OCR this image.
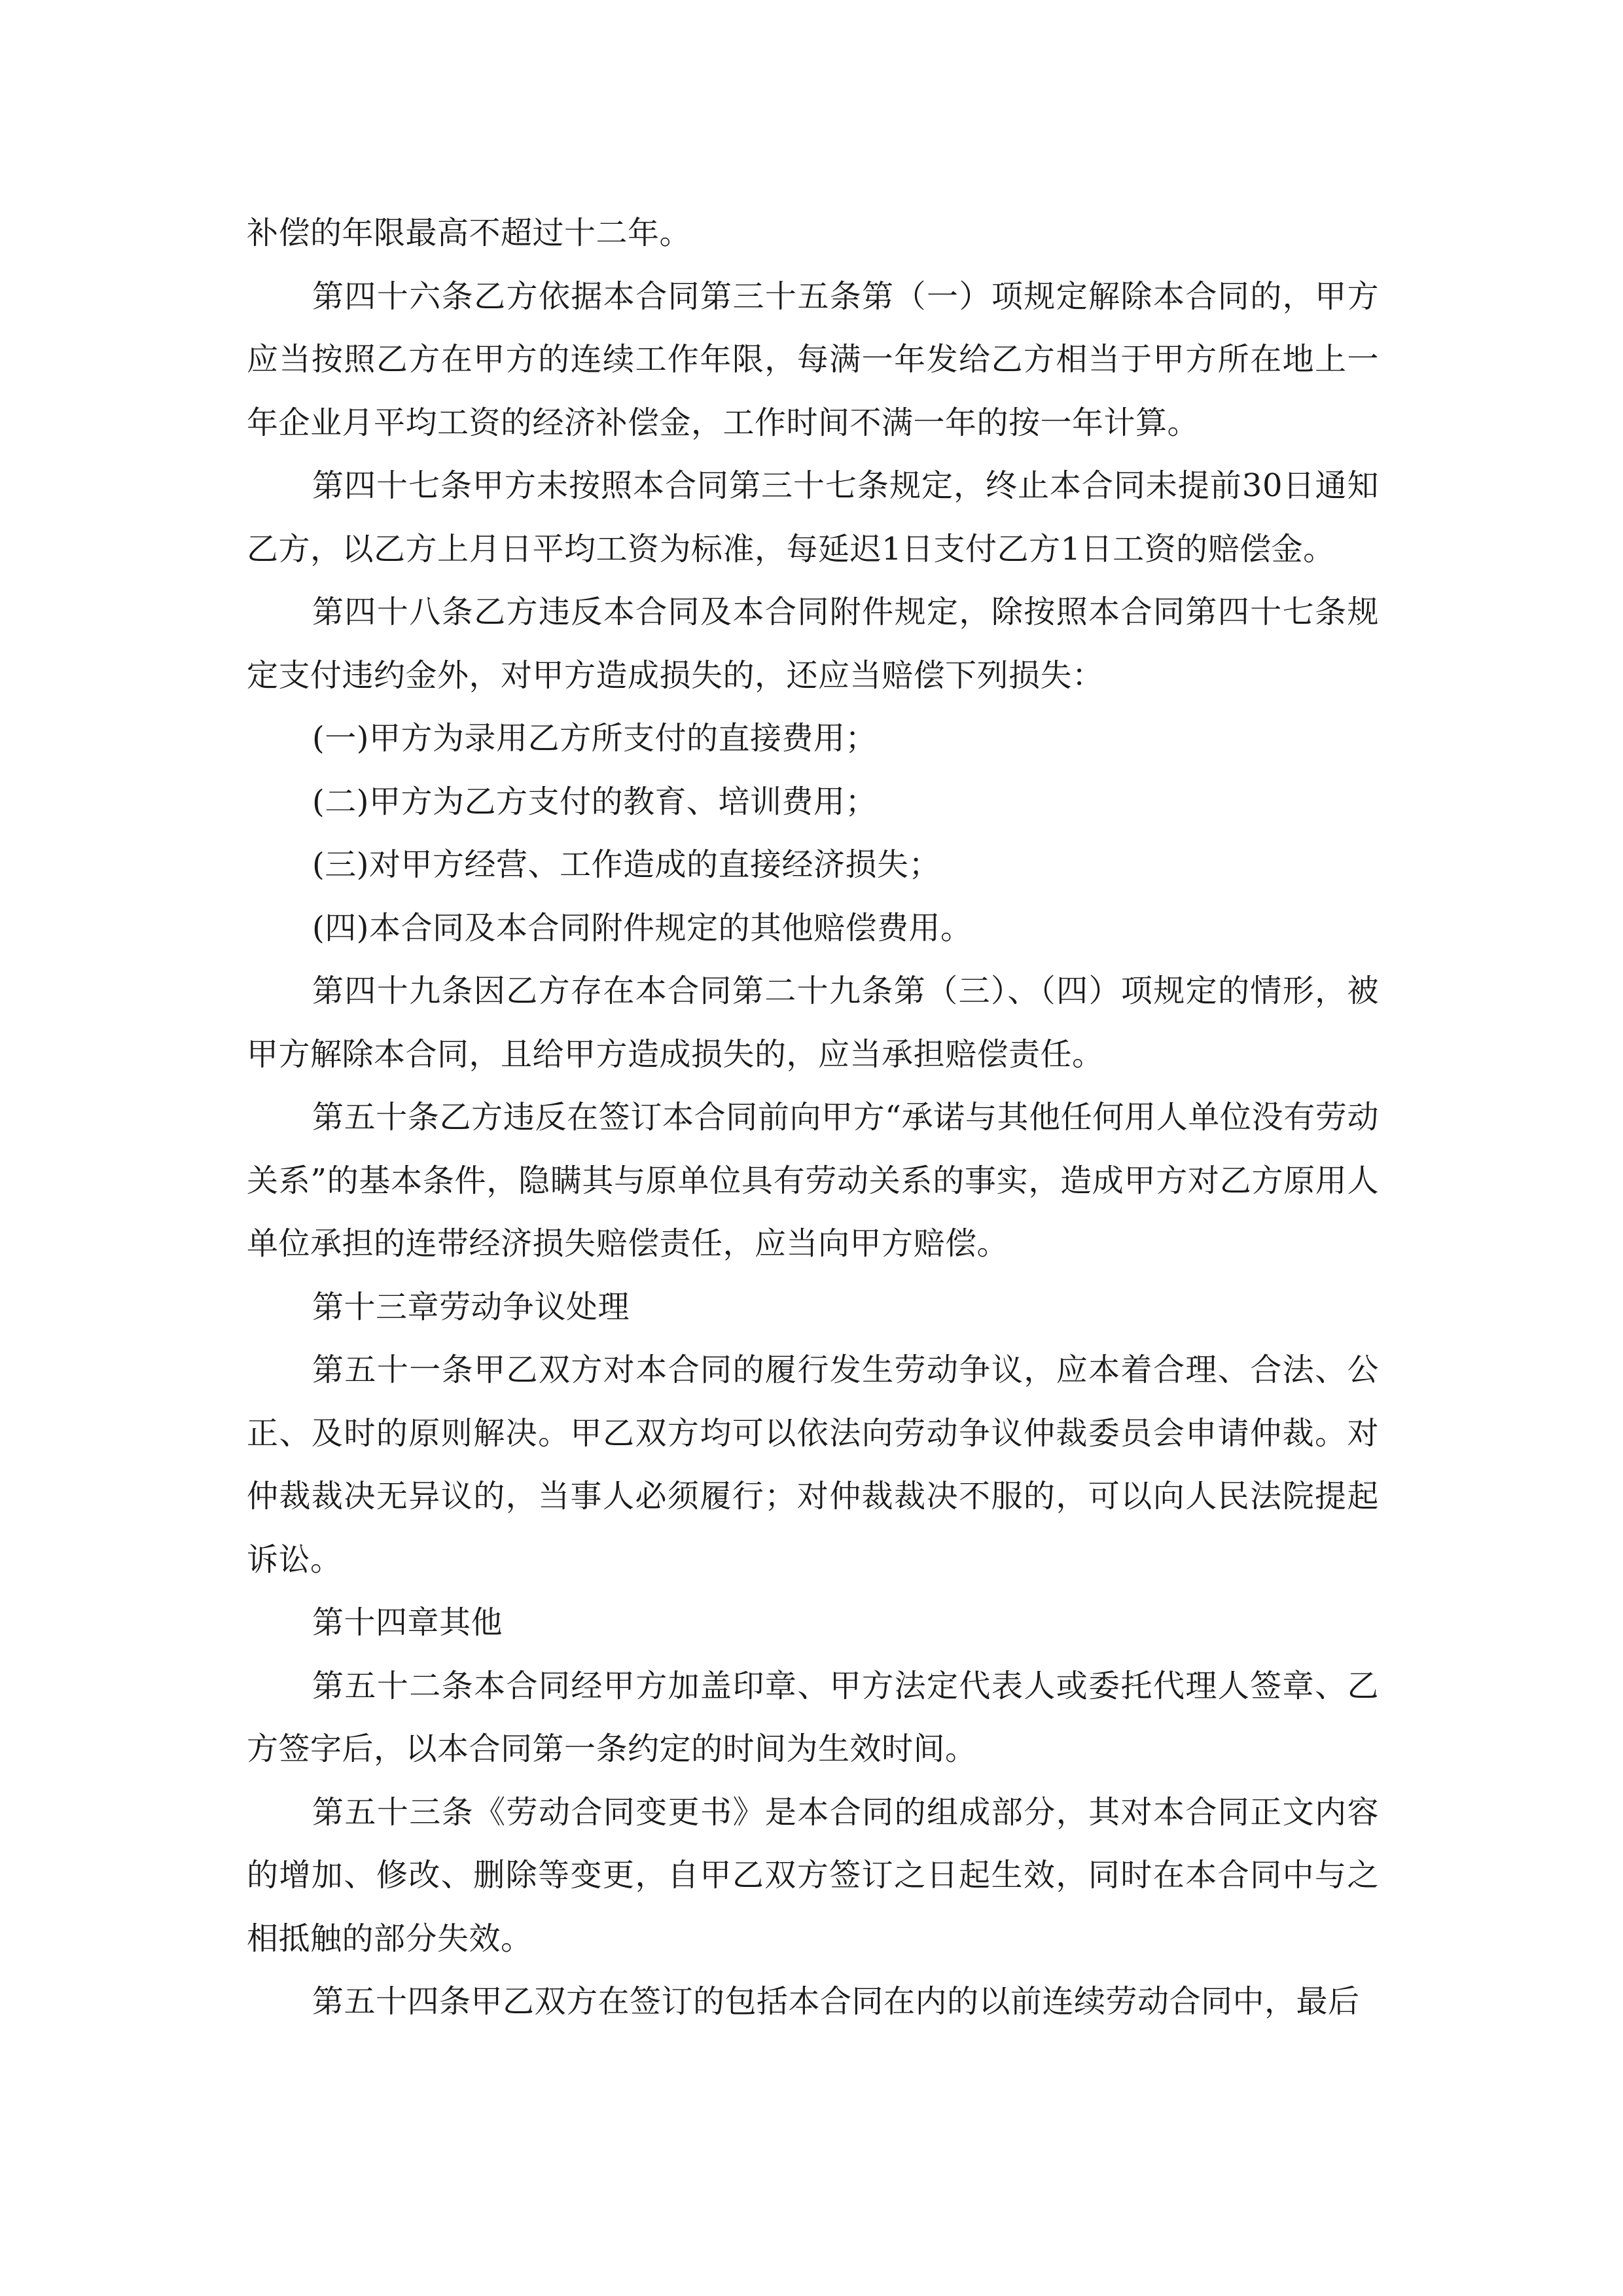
补偿的年限最高不超过十二年。

第四十六条乙方依据本合同第三十五条第（一）项规定解除本合同的，甲方应当按照乙方在甲方的连续工作年限，每满一年发给乙方相当于甲方所在地上一年企业月平均工资的经济补偿金，工作时间不满一年的按一年计算。

第四十七条甲方未按照本合同第三十七条规定，终止本合同未提前30日通知乙方，以乙方上月日平均工资为标准，每延迟1日支付乙方1日工资的赔偿金。

第四十八条乙方违反本合同及本合同附件规定，除按照本合同第四十七条规定支付违约金外，对甲方造成损失的，还应当赔偿下列损失：

(一)甲方为录用乙方所支付的直接费用；

(二)甲方为乙方支付的教育、培训费用；

(三)对甲方经营、工作造成的直接经济损失；

(四)本合同及本合同附件规定的其他赔偿费用。

第四十九条因乙方存在本合同第二十九条第（三）、（四）项规定的情形，被甲方解除本合同，且给甲方造成损失的，应当承担赔偿责任。

第五十条乙方违反在签订本合同前向甲方“承诺与其他任何用人单位没有劳动关系”的基本条件，隐瞒其与原单位具有劳动关系的事实，造成甲方对乙方原用人单位承担的连带经济损失赔偿责任，应当向甲方赔偿。

第十三章劳动争议处理

第五十一条甲乙双方对本合同的履行发生劳动争议，应本着合理、合法、公正、及时的原则解决。甲乙双方均可以依法向劳动争议仲裁委员会申请仲裁。对仲裁裁决无异议的，当事人必须履行；对仲裁裁决不服的，可以向人民法院提起诉讼。

第十四章其他

第五十二条本合同经甲方加盖印章、甲方法定代表人或委托代理人签章、乙方签字后，以本合同第一条约定的时间为生效时间。

第五十三条《劳动合同变更书》是本合同的组成部分，其对本合同正文内容的增加、修改、删除等变更，自甲乙双方签订之日起生效，同时在本合同中与之相抵触的部分失效。

第五十四条甲乙双方在签订的包括本合同在内的以前连续劳动合同中，最后
